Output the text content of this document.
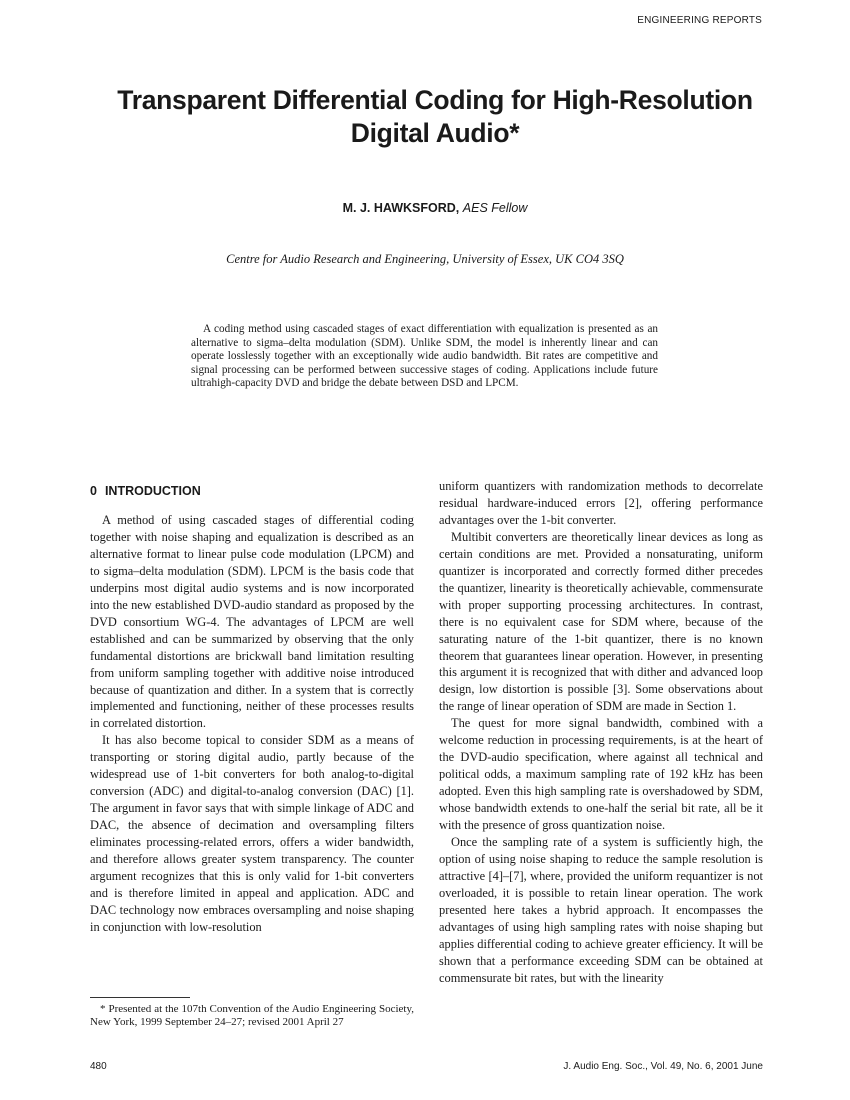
ENGINEERING REPORTS
Transparent Differential Coding for High-Resolution
Digital Audio*
M. J. HAWKSFORD, AES Fellow
Centre for Audio Research and Engineering, University of Essex, UK CO4 3SQ
A coding method using cascaded stages of exact differentiation with equalization is presented as an alternative to sigma–delta modulation (SDM). Unlike SDM, the model is inherently linear and can operate losslessly together with an exceptionally wide audio bandwidth. Bit rates are competitive and signal processing can be performed between successive stages of coding. Applications include future ultrahigh-capacity DVD and bridge the debate between DSD and LPCM.
0 INTRODUCTION

A method of using cascaded stages of differential coding together with noise shaping and equalization is described as an alternative format to linear pulse code modulation (LPCM) and to sigma–delta modulation (SDM). LPCM is the basis code that underpins most digital audio systems and is now incorporated into the new established DVD-audio standard as proposed by the DVD consortium WG-4. The advantages of LPCM are well established and can be summarized by observing that the only fundamental distortions are brickwall band limitation resulting from uniform sampling together with additive noise introduced because of quantization and dither. In a system that is correctly implemented and functioning, neither of these processes results in correlated distortion.

It has also become topical to consider SDM as a means of transporting or storing digital audio, partly because of the widespread use of 1-bit converters for both analog-to-digital conversion (ADC) and digital-to-analog conversion (DAC) [1]. The argument in favor says that with simple linkage of ADC and DAC, the absence of decimation and oversampling filters eliminates processing-related errors, offers a wider bandwidth, and therefore allows greater system transparency. The counter argument recognizes that this is only valid for 1-bit converters and is therefore limited in appeal and application. ADC and DAC technology now embraces oversampling and noise shaping in conjunction with low-resolution

uniform quantizers with randomization methods to decorrelate residual hardware-induced errors [2], offering performance advantages over the 1-bit converter.

Multibit converters are theoretically linear devices as long as certain conditions are met. Provided a nonsaturating, uniform quantizer is incorporated and correctly formed dither precedes the quantizer, linearity is theoretically achievable, commensurate with proper supporting processing architectures. In contrast, there is no equivalent case for SDM where, because of the saturating nature of the 1-bit quantizer, there is no known theorem that guarantees linear operation. However, in presenting this argument it is recognized that with dither and advanced loop design, low distortion is possible [3]. Some observations about the range of linear operation of SDM are made in Section 1.

The quest for more signal bandwidth, combined with a welcome reduction in processing requirements, is at the heart of the DVD-audio specification, where against all technical and political odds, a maximum sampling rate of 192 kHz has been adopted. Even this high sampling rate is overshadowed by SDM, whose bandwidth extends to one-half the serial bit rate, all be it with the presence of gross quantization noise.

Once the sampling rate of a system is sufficiently high, the option of using noise shaping to reduce the sample resolution is attractive [4]–[7], where, provided the uniform requantizer is not overloaded, it is possible to retain linear operation. The work presented here takes a hybrid approach. It encompasses the advantages of using high sampling rates with noise shaping but applies differential coding to achieve greater efficiency. It will be shown that a performance exceeding SDM can be obtained at commensurate bit rates, but with the linearity

* Presented at the 107th Convention of the Audio Engineering Society, New York, 1999 September 24–27; revised 2001 April 27
480	J. Audio Eng. Soc., Vol. 49, No. 6, 2001 June
